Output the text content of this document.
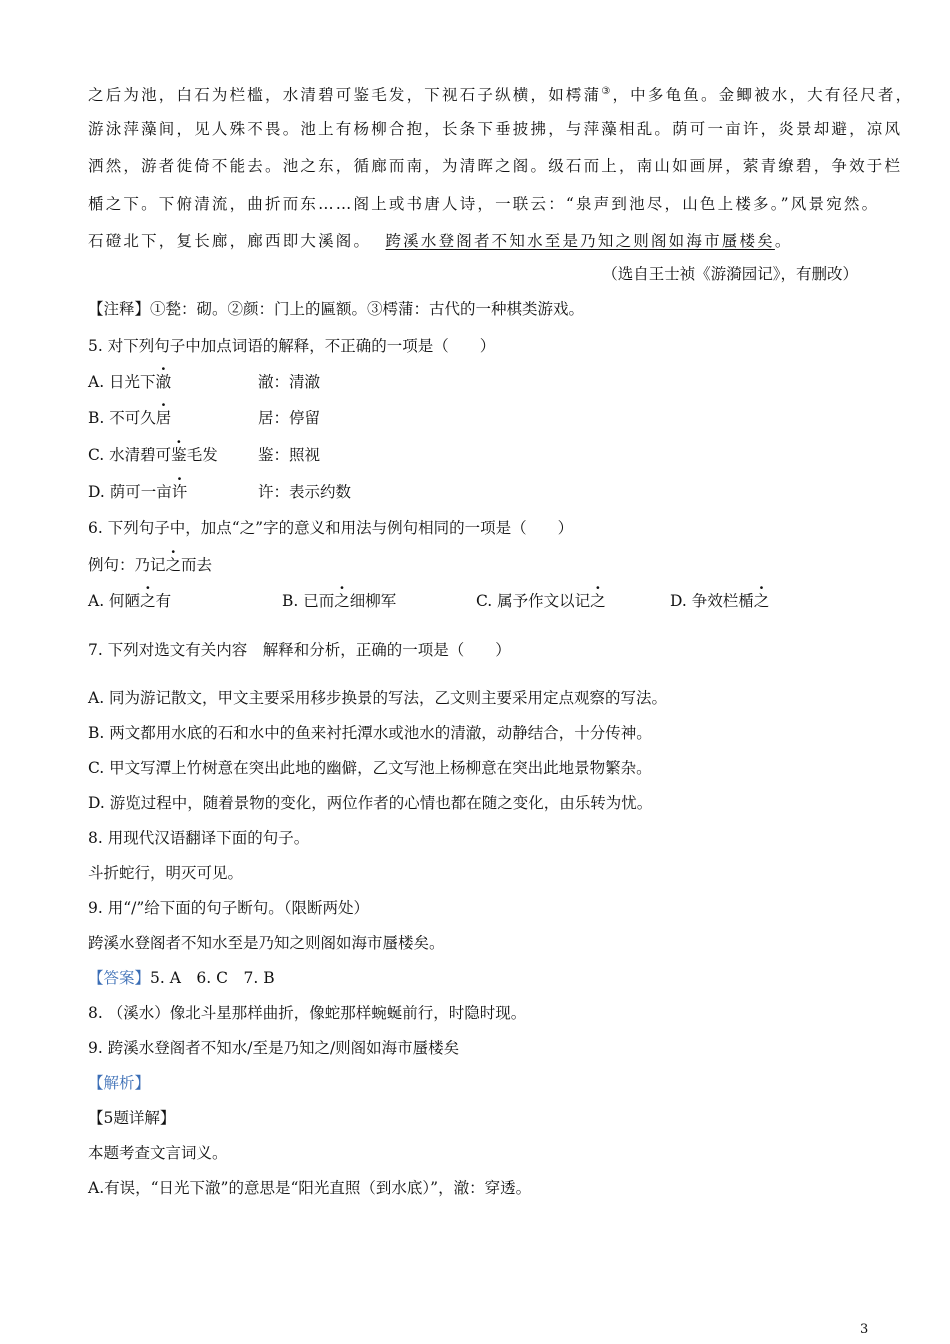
之后为池，白石为栏槛，水清碧可鉴毛发，下视石子纵横，如樗蒲③，中多龟鱼。金鲫被水，大有径尺者，
游泳萍藻间，见人殊不畏。池上有杨柳合抱，长条下垂披拂，与萍藻相乱。荫可一亩许，炎景却避，凉风
洒然，游者徙倚不能去。池之东，循廊而南，为清晖之阁。级石而上，南山如画屏，萦青缭碧，争效于栏
楯之下。下俯清流，曲折而东……阁上或书唐人诗，一联云：“泉声到池尽，山色上楼多。”风景宛然。
石磴北下，复长廊，廊西即大溪阁。 跨溪水登阁者不知水至是乃知之则阁如海市蜃楼矣。
（选自王士祯《游漪园记》，有删改）
【注释】①甃：砌。②颜：门上的匾额。③樗蒲：古代的一种棋类游戏。
5. 对下列句子中加点词语的解释，不正确的一项是（　　）
A. 日光下澈	澈：清澈
B. 不可久居	居：停留
C. 水清碧可鉴毛发	鉴：照视
D. 荫可一亩许	许：表示约数
6. 下列句子中，加点“之”字的意义和用法与例句相同的一项是（　　）
例句：乃记之而去
A. 何陋之有	B. 已而之细柳军	C. 属予作文以记之	D. 争效栏楯之
7. 下列对选文有关内容　解释和分析，正确的一项是（　　）
A. 同为游记散文，甲文主要采用移步换景的写法，乙文则主要采用定点观察的写法。
B. 两文都用水底的石和水中的鱼来衬托潭水或池水的清澈，动静结合，十分传神。
C. 甲文写潭上竹树意在突出此地的幽僻，乙文写池上杨柳意在突出此地景物繁杂。
D. 游览过程中，随着景物的变化，两位作者的心情也都在随之变化，由乐转为忧。
8. 用现代汉语翻译下面的句子。
斗折蛇行，明灭可见。
9. 用“/”给下面的句子断句。（限断两处）
跨溪水登阁者不知水至是乃知之则阁如海市蜃楼矣。
【答案】5. A　6. C　7. B
8. （溪水）像北斗星那样曲折，像蛇那样蜿蜒前行，时隐时现。
9. 跨溪水登阁者不知水/至是乃知之/则阁如海市蜃楼矣
【解析】
【5题详解】
本题考查文言词义。
A.有误，“日光下澈”的意思是“阳光直照（到水底）”，澈：穿透。
3
